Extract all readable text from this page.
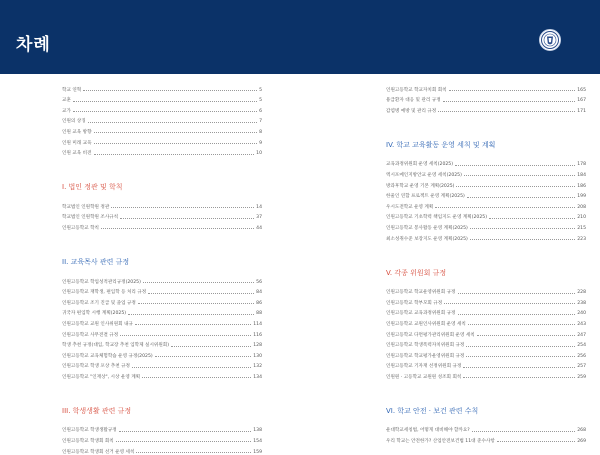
차례
학교 연혁	5
교훈	5
교가	6
인원의 상징	7
인원 교육 방향	8
인원 미래 교육	9
인원 교육 비전	10
I. 법인 정관 및 학칙
학교법인 인원학원 정관	14
학교법인 인원학원 조사규칙	37
인원고등학교 학칙	44
II. 교육목사 관련 규정
인원고등학교 학업성적관리규정(2025)	56
인원고등학교 재학생, 편입학 등 처리 규정	84
인원고등학교 조기 진급 및 졸업 규정	86
귀국자 편입학 시행 계획(2025)	88
인원고등학교 교원 인사위원회 내규	114
인원고등학교 사무전결 규정	116
학생 추천 규정(대입, 학교장 추천 입학제 실시위원회)	128
인원고등학교 교육체험학습 운영 규정(2025)	130
인원고등학교 학생 포상 추천 규정	132
인원고등학교 "인재상", 시상 운영 계획	134
III. 학생생활 관련 규정
인원고등학교 학생생활규정	138
인원고등학교 학생회 회칙	154
인원고등학교 학생회 선거 운영 세칙	159
인원고등학교 학교자치회 회칙	165
용급환자 대응 및 관리 규정	167
감염병 예방 및 관리 규정	171
IV. 학교 교육활동 운영 세칙 및 계획
교육과정위원회 운영 세칙(2025)	178
엑시포메인지방안교 운영 세칙(2025)	184
방과후학교 운영 기본 계획(2025)	186
한울인 연합 프로젝트 운영 계획(2025)	199
우시도전학교 운영 계획	208
인원고등학교 기초학력 책임지도 운영 계획(2025)	210
인원고등학교 봉사활동 운영 계획(2025)	215
최소성취수준 보장지도 운영 계획(2025)	223
V. 각종 위원회 규정
인원고등학교 학교운영위원회 규정	228
인원고등학교 학부모회 규정	238
인원고등학교 교육과정위원회 규정	240
인원고등학교 교원인사위원회 운영 세칙	243
인원고등학교 다면평가관리위원회 운영 세칙	247
인원고등학교 학생폭력자치위원회 규정	254
인원고등학교 학교평가운영위원회 규정	256
인원고등학교 기자재 선정위원회 규정	257
인원원 · 고등학교 교원원 성조회 회칙	259
VI. 학교 안전 · 보건 관련 수칙
운대학교세칭법, 어떻게 대비해야 할까요?	268
우리 학교는 안전한가? 산업안전보건법 11대 준수사항	269
